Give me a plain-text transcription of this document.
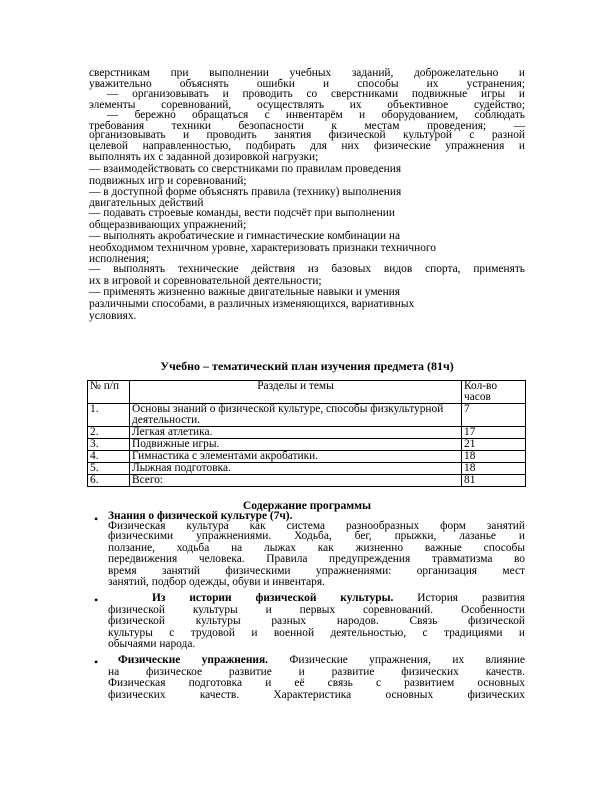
сверстникам при выполнении учебных заданий, доброжелательно и

уважительно объяснять ошибки и способы их устранения;

— организовывать и проводить со сверстниками подвижные игры и

элементы соревнований, осуществлять их объективное судейство;

— бережно обращаться с инвентарём и оборудованием, соблюдать

требования техники безопасности к местам проведения; —

организовывать и проводить занятия физической культурой с разной

целевой направленностью, подбирать для них физические упражнения и

выполнять их с заданной дозировкой нагрузки;

— взаимодействовать со сверстниками по правилам проведения

подвижных игр и соревнований;

— в доступной форме объяснять правила (технику) выполнения

двигательных действий

— подавать строевые команды, вести подсчёт при выполнении

общеразвивающих упражнений;

— выполнять акробатические и гимнастические комбинации на

необходимом техничном уровне, характеризовать признаки техничного

исполнения;

— выполнять технические действия из базовых видов спорта, применять

их в игровой и соревновательной деятельности;

— применять жизненно важные двигательные навыки и умения

различными способами, в различных изменяющихся, вариативных

условиях.

Учебно – тематический план изучения предмета (81ч)
№ п/п	Разделы и темы	Кол-во часов
1.	Основы знаний о физической культуре, способы физкультурной деятельности.	7
2.	Легкая атлетика.	17
3.	Подвижные игры.	21
4.	Гимнастика с элементами акробатики.	18
5.	Лыжная подготовка.	18
6.	Всего:	81
Содержание программы

• Знания о физической культуре (7ч).

Физическая культура как система разнообразных форм занятий

физическими упражнениями. Ходьба, бег, прыжки, лазанье и

ползание, ходьба на лыжах как жизненно важные способы

передвижения человека. Правила предупреждения травматизма во

время занятий физическими упражнениями: организация мест

занятий, подбор одежды, обуви и инвентаря.

• Из истории физической культуры. История развития

физической культуры и первых соревнований. Особенности

физической культуры разных народов. Связь физической

культуры с трудовой и военной деятельностью, с традициями и

обычаями народа.

• Физические упражнения. Физические упражнения, их влияние

на физическое развитие и развитие физических качеств.

Физическая подготовка и её связь с развитием основных

физических качеств. Характеристика основных физических
